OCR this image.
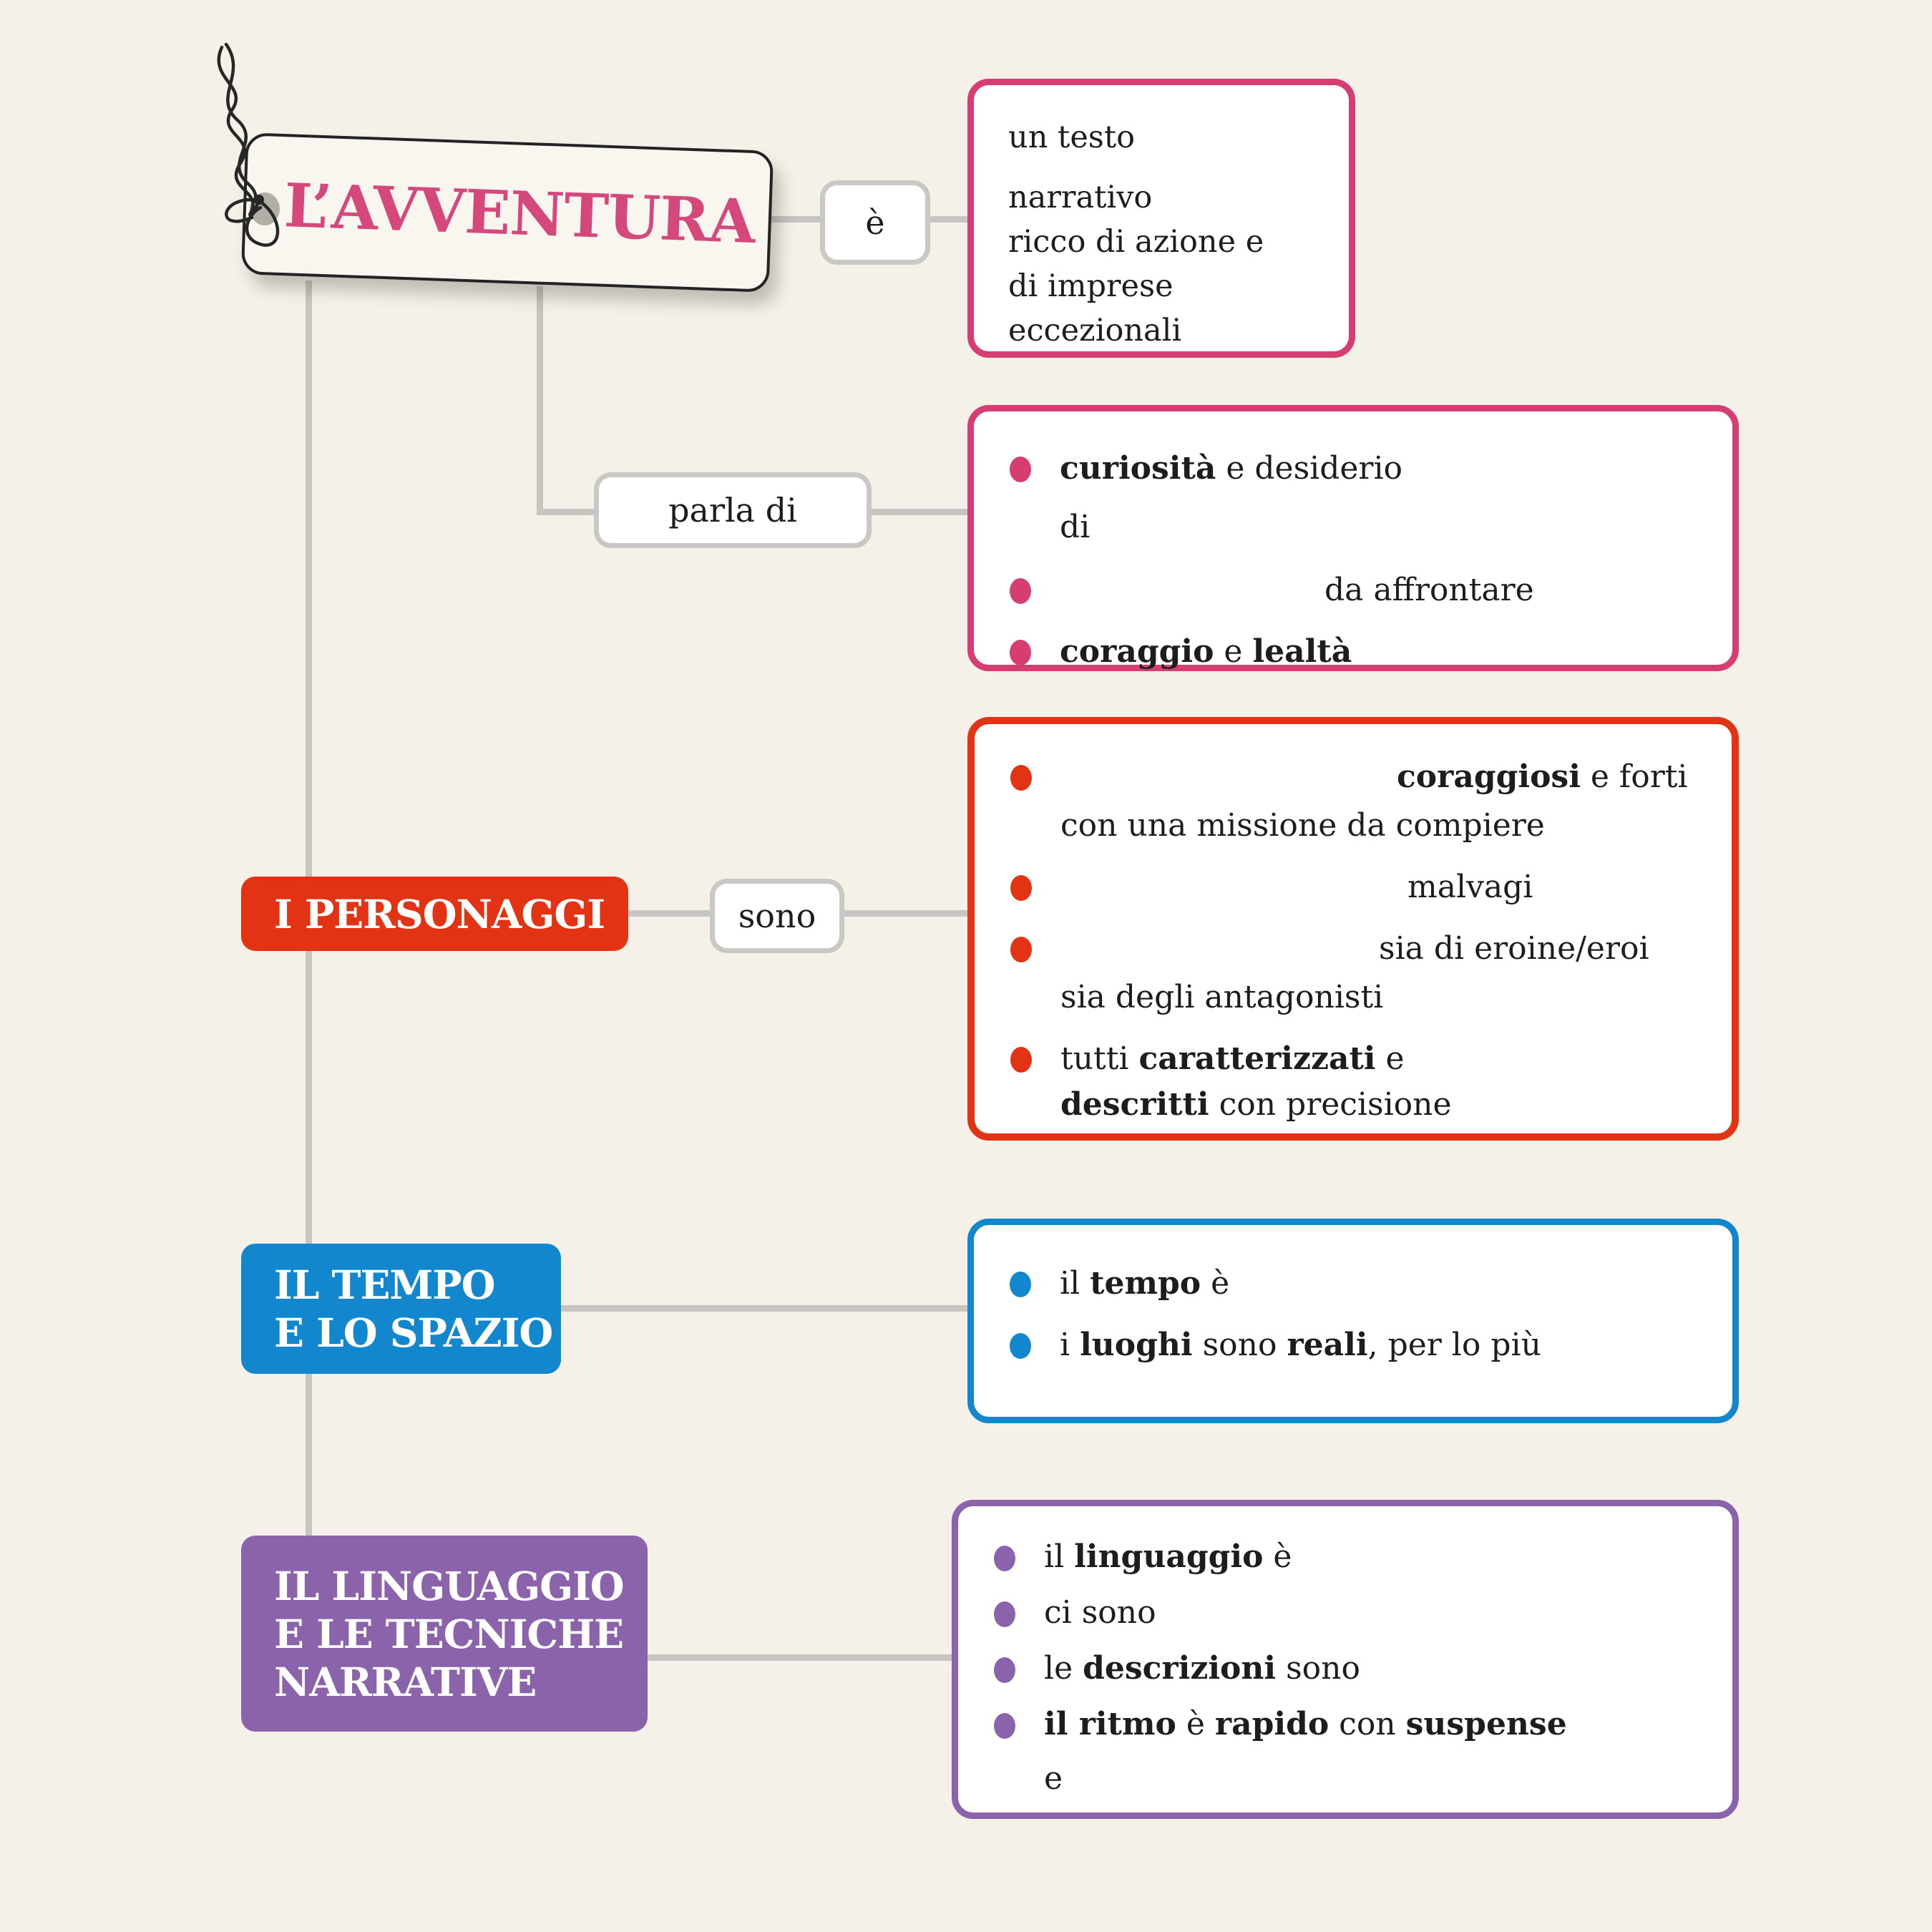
L’AVVENTURA	è
parla di
sono
I PERSONAGGI
IL TEMPO
E LO SPAZIO
IL LINGUAGGIO
E LE TECNICHE
NARRATIVE
un testo
narrativo
ricco di azione e
di imprese
eccezionali
curiosità e desiderio
di
da affrontare
coraggio e lealtà
coraggiosi e forti
con una missione da compiere
malvagi
sia di eroine/eroi
sia degli antagonisti
tutti caratterizzati e
descritti con precisione
il tempo è
i luoghi sono reali, per lo più
il linguaggio è
ci sono
le descrizioni sono
il ritmo è rapido con suspense
e
